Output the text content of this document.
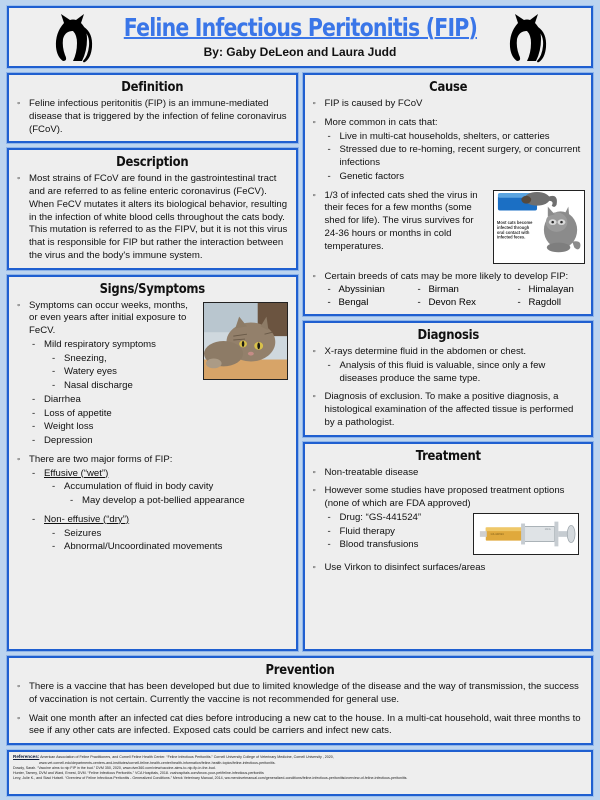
Feline Infectious Peritonitis (FIP)
By: Gaby DeLeon and Laura Judd
Definition
◦ Feline infectious peritonitis (FIP) is an immune-mediated disease that is triggered by the infection of feline coronavirus (FCoV).
Description
◦ Most strains of FCoV are found in the gastrointestinal tract and are referred to as feline enteric coronavirus (FeCV). When FeCV mutates it alters its biological behavior, resulting in the infection of white blood cells throughout the cats body. This mutation is referred to as the FIPV, but it is not this virus that is responsible for FIP but rather the interaction between the virus and the body's immune system.
Signs/Symptoms
◦ Symptoms can occur weeks, months, or even years after initial exposure to FeCV.
- Mild respiratory symptoms
- Sneezing,
- Watery eyes
- Nasal discharge
- Diarrhea
- Loss of appetite
- Weight loss
- Depression
◦ There are two major forms of FIP:
- Effusive (“wet”)
- Accumulation of fluid in body cavity
- May develop a pot-bellied appearance
- Non- effusive (“dry”)
- Seizures
- Abnormal/Uncoordinated movements
Cause
◦ FIP is caused by FCoV
◦ More common in cats that:
- Live in multi-cat households, shelters, or catteries
- Stressed due to re-homing, recent surgery, or concurrent infections
- Genetic factors
Most cats become infected through oral contact with infected feces.
◦ 1/3 of infected cats shed the virus in their feces for a few months (some shed for life). The virus survives for 24-36 hours or months in cold temperatures.
◦ Certain breeds of cats may be more likely to develop FIP:
- Abyssinian
- Bengal
- Birman
- Devon Rex
- Himalayan
- Ragdoll
Diagnosis
◦ X-rays determine fluid in the abdomen or chest.
- Analysis of this fluid is valuable, since only a few diseases produce the same type.
◦ Diagnosis of exclusion. To make a positive diagnosis, a histological examination of the affected tissue is performed by a pathologist.
Treatment
◦ Non-treatable disease
◦ However some studies have proposed treatment options (none of which are FDA approved)
GS-441524
10mL
- Drug: “GS-441524”
- Fluid therapy
- Blood transfusions
◦ Use Virkon to disinfect surfaces/areas
Prevention
◦ There is a vaccine that has been developed but due to limited knowledge of the disease and the way of transmission, the success of vaccination is not certain. Currently the vaccine is not recommended for general use.
◦ Wait one month after an infected cat dies before introducing a new cat to the house. In a multi-cat household, wait three months to see if any other cats are infected. Exposed cats could be carriers and infect new cats.
References: American Association of Feline Practitioners, and Cornell Feline Health Center. “Feline Infectious Peritonitis.” Cornell University College of Veterinary Medicine, Cornell University , 2020,
www.vet.cornell.edu/departments-centers-and-institutes/cornell-feline-health-center/health-information/feline-health-topics/feline-infectious-peritonitis.
Dowdy, Sarah. “Vaccine aims to nip FIP in the bud.” DVM 350, 2020, www.dvm360.com/view/vaccine-aims-to-nip-fip-in-the-bud.
Hunter, Tammy, DVM and Ward, Ernest, DVM. “Feline Infectious Peritonitis.” VCA Hospitals, 2018. vcahospitals.com/know-your-pet/feline-infectious-peritonitis
Levy, Julie K., and Staci Hutsell. “Overview of Feline Infectious Peritonitis - Generalized Conditions.” Merck Veterinary Manual, 2014, ww.merckvetmanual.com/generalized-conditions/feline-infectious-peritonitis/overview-of-feline-infectious-peritonitis.
